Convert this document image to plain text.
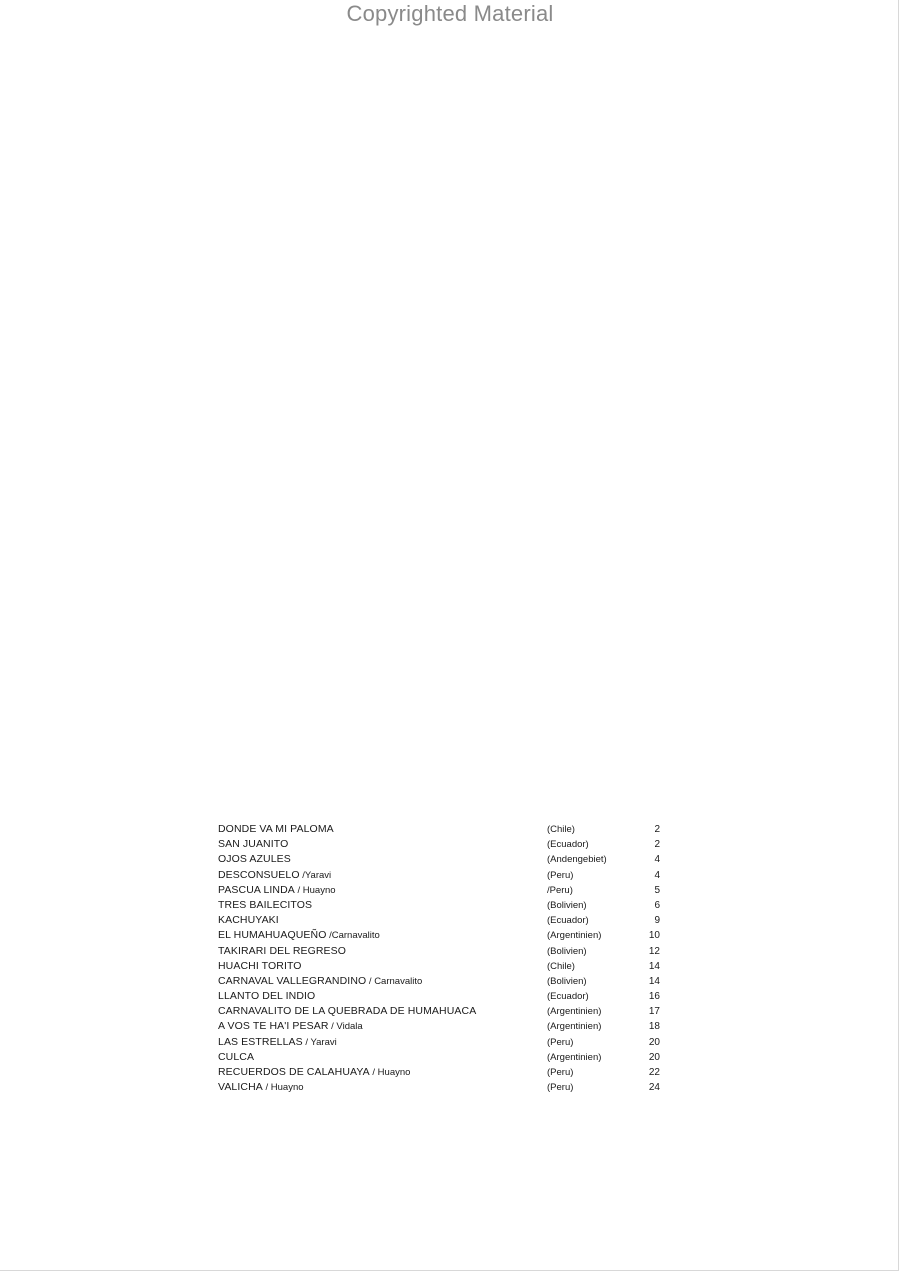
Copyrighted Material
DONDE VA MI PALOMA	(Chile)	2
SAN JUANITO	(Ecuador)	2
OJOS AZULES	(Andengebiet)	4
DESCONSUELO /Yaravi	(Peru)	4
PASCUA LINDA / Huayno	/Peru)	5
TRES BAILECITOS	(Bolivien)	6
KACHUYAKI	(Ecuador)	9
EL HUMAHUAQUEÑO /Carnavalito	(Argentinien)	10
TAKIRARI DEL REGRESO	(Bolivien)	12
HUACHI TORITO	(Chile)	14
CARNAVAL VALLEGRANDINO / Carnavalito	(Bolivien)	14
LLANTO DEL INDIO	(Ecuador)	16
CARNAVALITO DE LA QUEBRADA DE HUMAHUACA	(Argentinien)	17
A VOS TE HA'I PESAR / Vidala	(Argentinien)	18
LAS ESTRELLAS / Yaravi	(Peru)	20
CULCA	(Argentinien)	20
RECUERDOS DE CALAHUAYA / Huayno	(Peru)	22
VALICHA / Huayno	(Peru)	24
